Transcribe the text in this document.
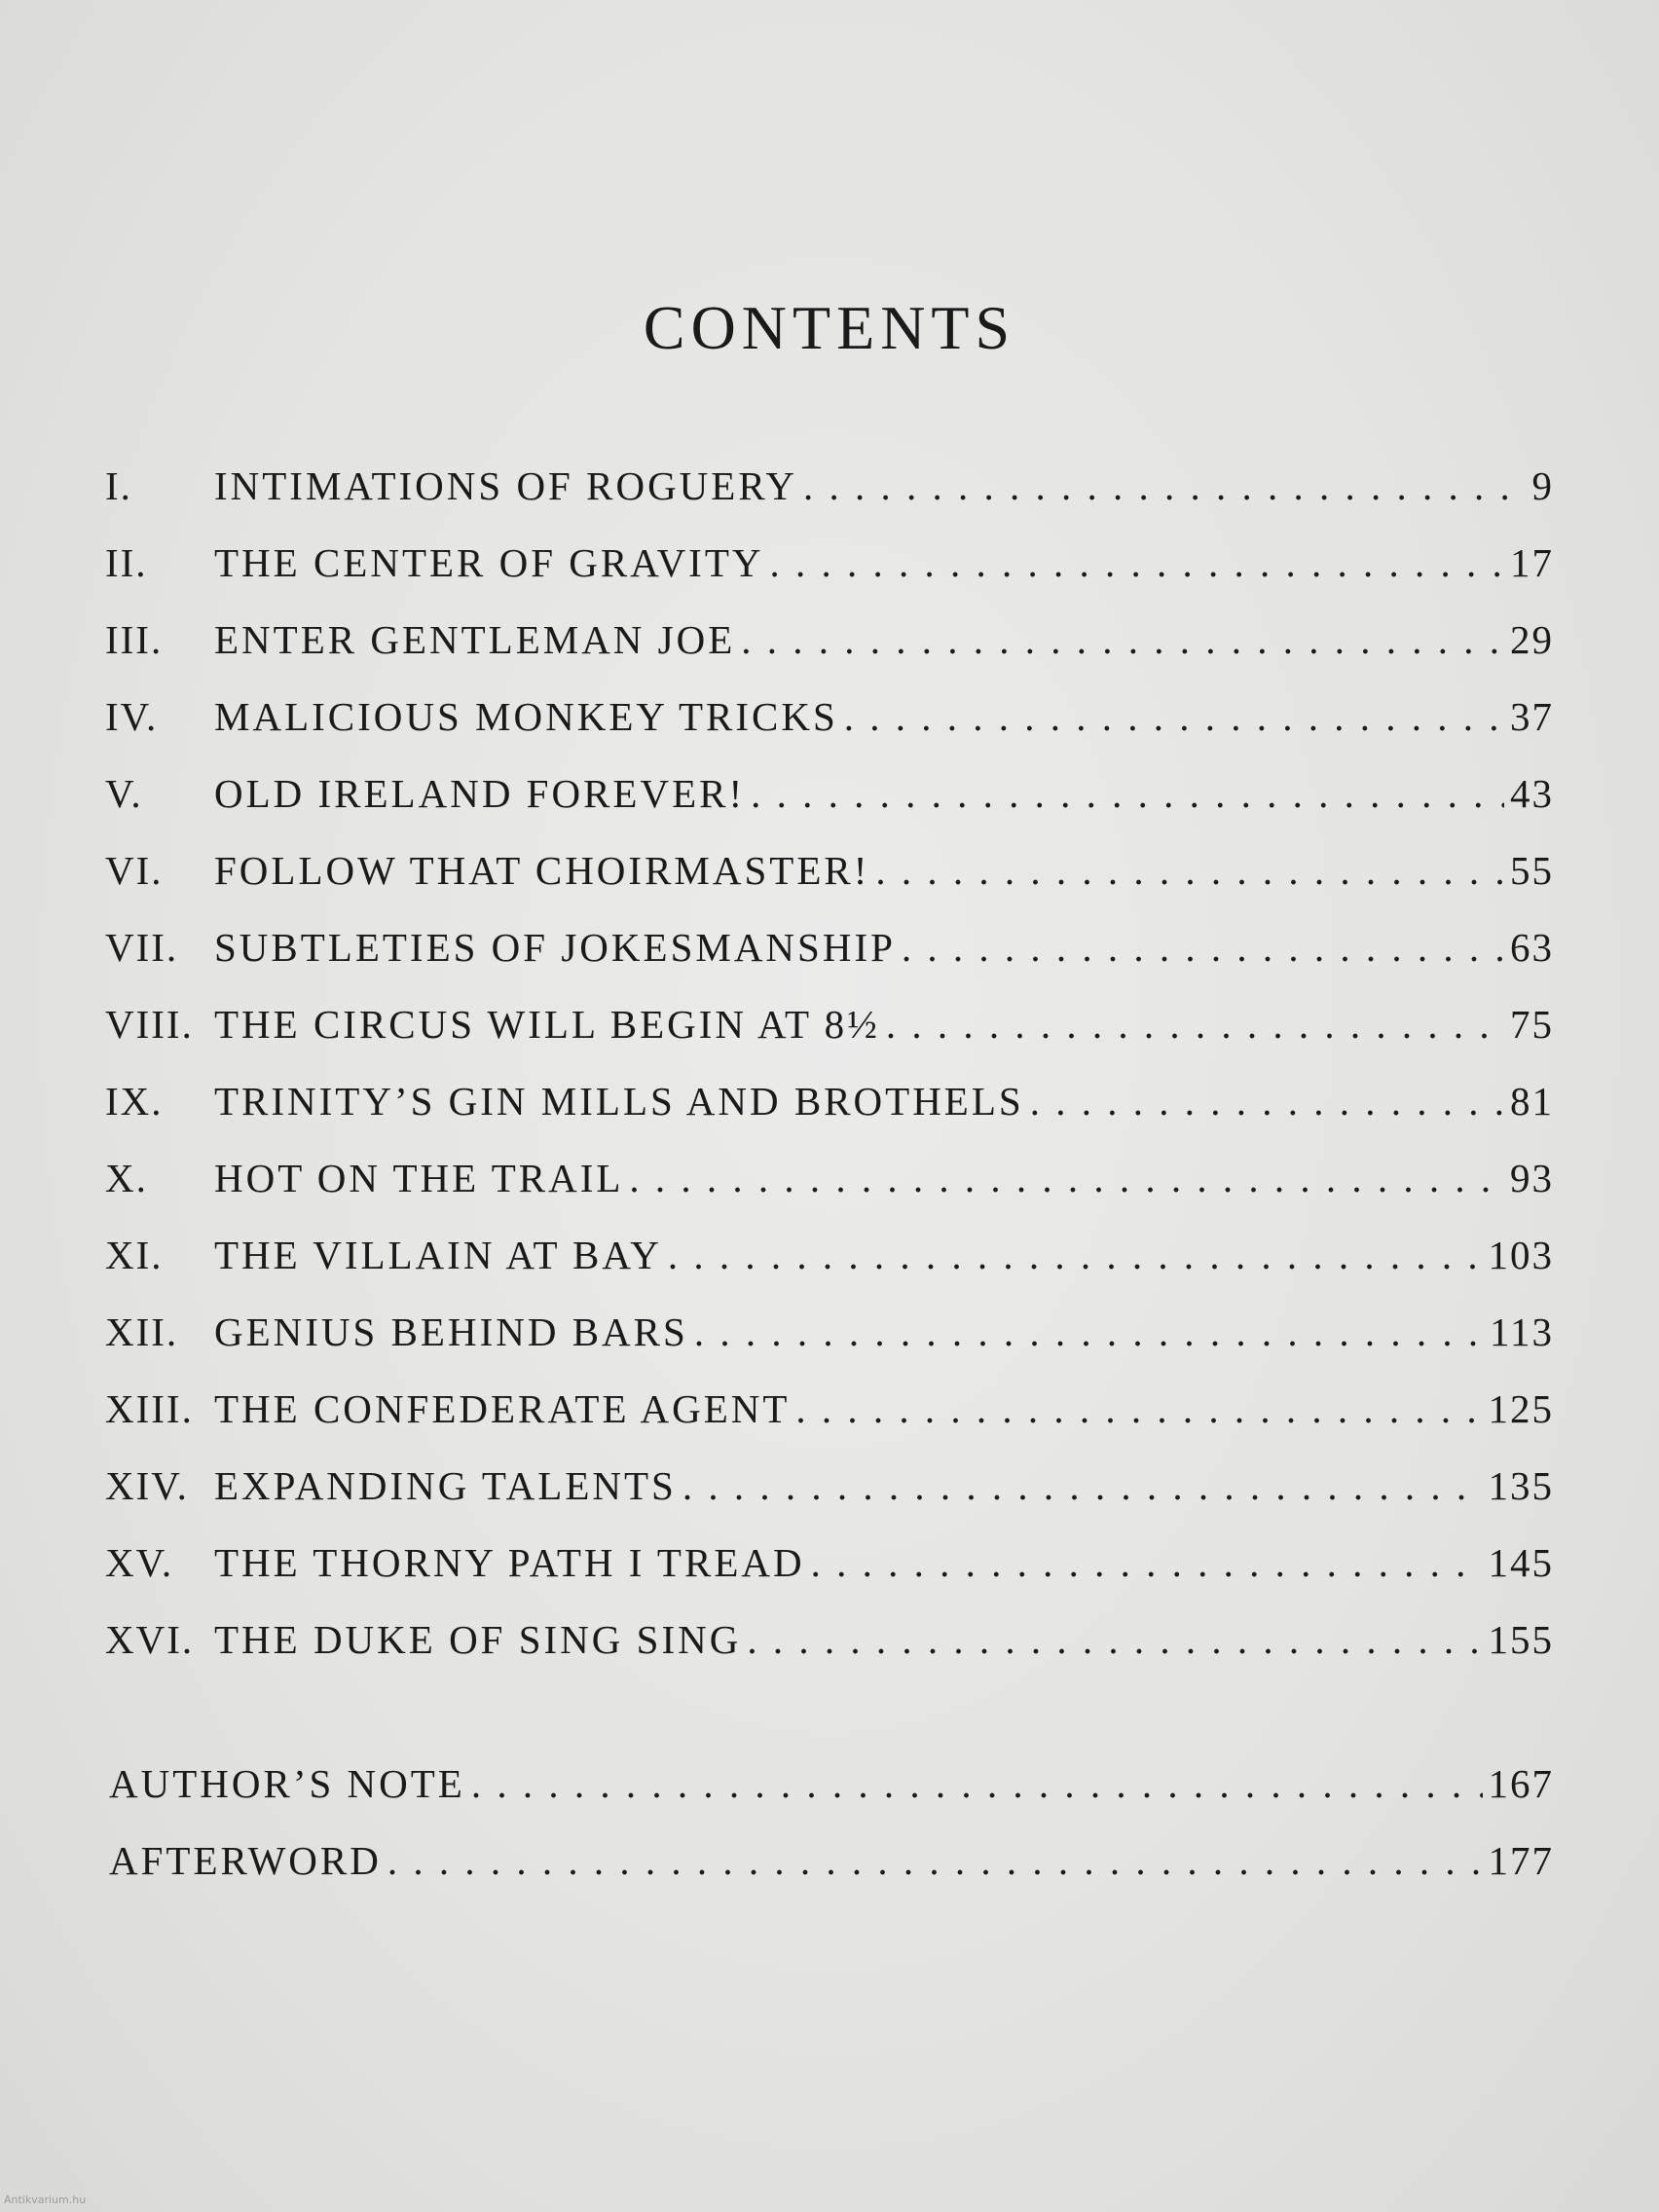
CONTENTS
I.	INTIMATIONS OF ROGUERY . . .	9
II.	THE CENTER OF GRAVITY . . .	17
III.	ENTER GENTLEMAN JOE . . .	29
IV.	MALICIOUS MONKEY TRICKS . . .	37
V.	OLD IRELAND FOREVER! . . .	43
VI.	FOLLOW THAT CHOIRMASTER! . . .	55
VII. SUBTLETIES OF JOKESMANSHIP . . .	63
VIII. THE CIRCUS WILL BEGIN AT 8½ . . .	75
IX.	TRINITY’S GIN MILLS AND BROTHELS . . .	81
X.	HOT ON THE TRAIL . . .	93
XI.	THE VILLAIN AT BAY . . .	103
XII. GENIUS BEHIND BARS . . .	113
XIII. THE CONFEDERATE AGENT . . .	125
XIV. EXPANDING TALENTS . . .	135
XV.	THE THORNY PATH I TREAD . . .	145
XVI. THE DUKE OF SING SING . . .	155
AUTHOR’S NOTE . . .	167
AFTERWORD . . .	177
Antikvarium.hu
